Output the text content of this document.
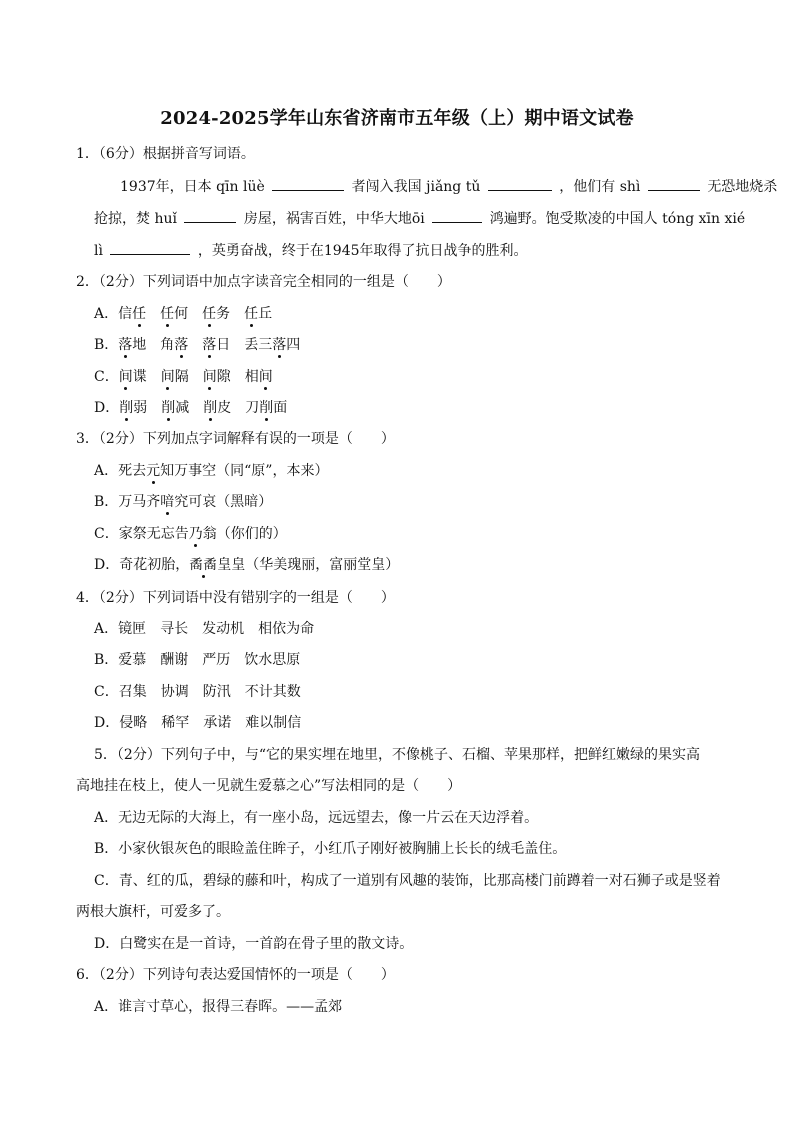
2024-2025学年山东省济南市五年级（上）期中语文试卷
1．（6分）根据拼音写词语。
1937年，日本 qīn lüè	者闯入我国 jiǎng tǔ	，他们有 shì	无恐地烧杀
抢掠，焚 huǐ	房屋，祸害百姓，中华大地ōi	鸿遍野。饱受欺凌的中国人 tóng xīn xié
lì	，英勇奋战，终于在1945年取得了抗日战争的胜利。
2．（2分）下列词语中加点字读音完全相同的一组是（　　）
A．信任 任何 任务 任丘
B．落地 角落 落日 丢三落四
C．间谍 间隔 间隙 相间
D．削弱 削减 削皮 刀削面
3．（2分）下列加点字词解释有误的一项是（　　）
A．死去元知万事空（同“原”，本来）
B．万马齐喑究可哀（黑暗）
C．家祭无忘告乃翁（你们的）
D．奇花初胎，矞矞皇皇（华美瑰丽，富丽堂皇）
4．（2分）下列词语中没有错别字的一组是（　　）
A．镜匣 寻长 发动机 相依为命
B．爱慕 酬谢 严历 饮水思原
C．召集 协调 防汛 不计其数
D．侵略 稀罕 承诺 难以制信
5．（2分）下列句子中，与“它的果实埋在地里，不像桃子、石榴、苹果那样，把鲜红嫩绿的果实高
高地挂在枝上，使人一见就生爱慕之心”写法相同的是（　　）
A．无边无际的大海上，有一座小岛，远远望去，像一片云在天边浮着。
B．小家伙银灰色的眼睑盖住眸子，小红爪子刚好被胸脯上长长的绒毛盖住。
C．青、红的瓜，碧绿的藤和叶，构成了一道别有风趣的装饰，比那高楼门前蹲着一对石狮子或是竖着
两根大旗杆，可爱多了。
D．白鹭实在是一首诗，一首韵在骨子里的散文诗。
6．（2分）下列诗句表达爱国情怀的一项是（　　）
A．谁言寸草心，报得三春晖。——孟郊
